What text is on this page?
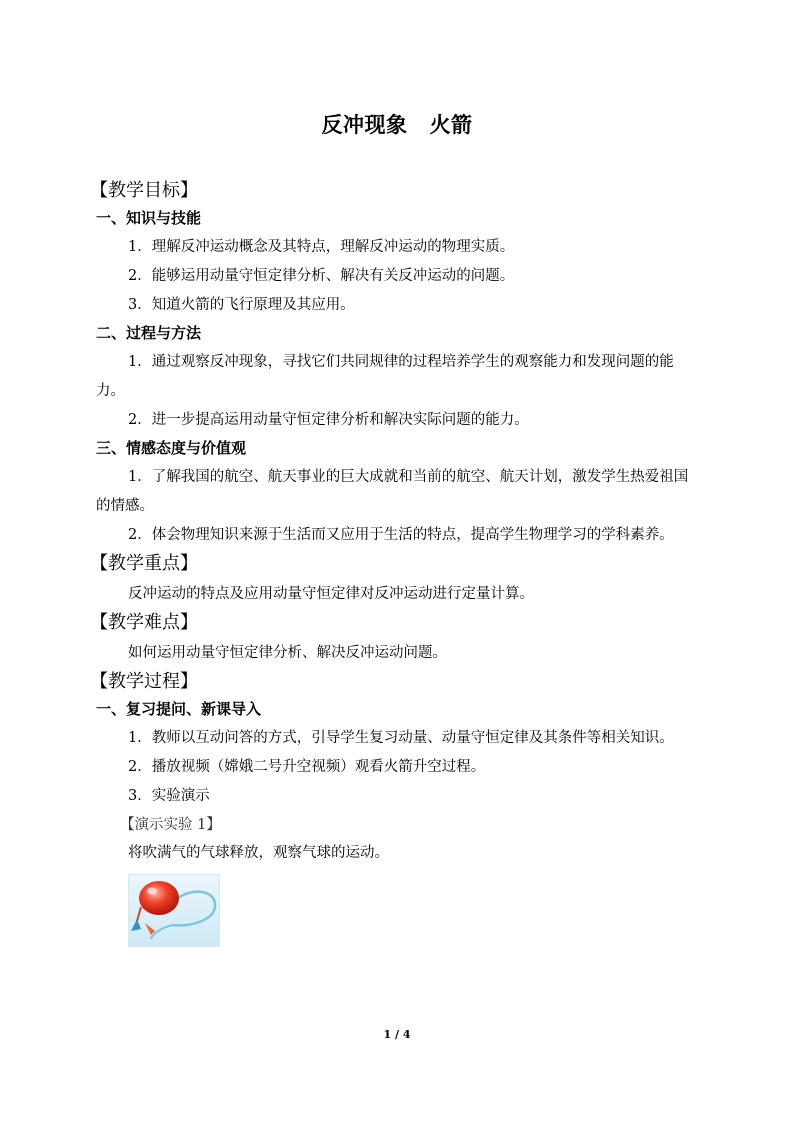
反冲现象 火箭
【教学目标】
一、知识与技能

1．理解反冲运动概念及其特点，理解反冲运动的物理实质。

2．能够运用动量守恒定律分析、解决有关反冲运动的问题。

3．知道火箭的飞行原理及其应用。

二、过程与方法

1．通过观察反冲现象，寻找它们共同规律的过程培养学生的观察能力和发现问题的能力。

2．进一步提高运用动量守恒定律分析和解决实际问题的能力。

三、情感态度与价值观

1．了解我国的航空、航天事业的巨大成就和当前的航空、航天计划，激发学生热爱祖国的情感。

2．体会物理知识来源于生活而又应用于生活的特点，提高学生物理学习的学科素养。

【教学重点】

反冲运动的特点及应用动量守恒定律对反冲运动进行定量计算。

【教学难点】

如何运用动量守恒定律分析、解决反冲运动问题。

【教学过程】
一、复习提问、新课导入

1．教师以互动问答的方式，引导学生复习动量、动量守恒定律及其条件等相关知识。

2．播放视频（嫦娥二号升空视频）观看火箭升空过程。

3．实验演示

【演示实验 1】

将吹满气的气球释放，观察气球的运动。

1 / 4
